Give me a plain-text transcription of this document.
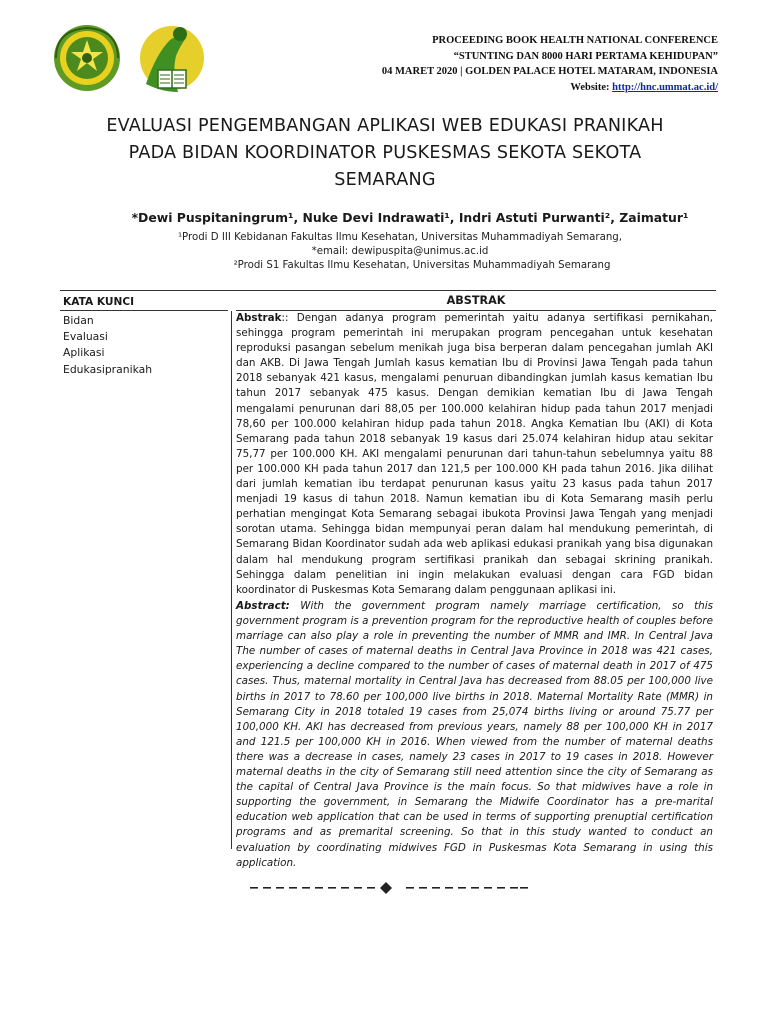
PROCEEDING BOOK HEALTH NATIONAL CONFERENCE
“STUNTING DAN 8000 HARI PERTAMA KEHIDUPAN”
04 MARET 2020 | GOLDEN PALACE HOTEL MATARAM, INDONESIA
Website: http://hnc.ummat.ac.id/
EVALUASI PENGEMBANGAN APLIKASI WEB EDUKASI PRANIKAH
PADA BIDAN KOORDINATOR PUSKESMAS SEKOTA SEKOTA
SEMARANG
*Dewi Puspitaningrum¹, Nuke Devi Indrawati¹, Indri Astuti Purwanti², Zaimatur¹
¹Prodi D III Kebidanan Fakultas Ilmu Kesehatan, Universitas Muhammadiyah Semarang,
*email: dewipuspita@unimus.ac.id
²Prodi S1 Fakultas Ilmu Kesehatan, Universitas Muhammadiyah Semarang
KATA KUNCI
Bidan
Evaluasi
Aplikasi
Edukasipranikah
ABSTRAK
Abstrak:: Dengan adanya program pemerintah yaitu adanya sertifikasi pernikahan, sehingga program pemerintah ini merupakan program pencegahan untuk kesehatan reproduksi pasangan sebelum menikah juga bisa berperan dalam pencegahan jumlah AKI dan AKB. Di Jawa Tengah Jumlah kasus kematian Ibu di Provinsi Jawa Tengah pada tahun 2018 sebanyak 421 kasus, mengalami penuruan dibandingkan jumlah kasus kematian Ibu tahun 2017 sebanyak 475 kasus. Dengan demikian kematian Ibu di Jawa Tengah mengalami penurunan dari 88,05 per 100.000 kelahiran hidup pada tahun 2017 menjadi 78,60 per 100.000 kelahiran hidup pada tahun 2018. Angka Kematian Ibu (AKI) di Kota Semarang pada tahun 2018 sebanyak 19 kasus dari 25.074 kelahiran hidup atau sekitar 75,77 per 100.000 KH. AKI mengalami penurunan dari tahun-tahun sebelumnya yaitu 88 per 100.000 KH pada tahun 2017 dan 121,5 per 100.000 KH pada tahun 2016. Jika dilihat dari jumlah kematian ibu terdapat penurunan kasus yaitu 23 kasus pada tahun 2017 menjadi 19 kasus di tahun 2018. Namun kematian ibu di Kota Semarang masih perlu perhatian mengingat Kota Semarang sebagai ibukota Provinsi Jawa Tengah yang menjadi sorotan utama. Sehingga bidan mempunyai peran dalam hal mendukung pemerintah, di Semarang Bidan Koordinator sudah ada web aplikasi edukasi pranikah yang bisa digunakan dalam hal mendukung program sertifikasi pranikah dan sebagai skrining pranikah. Sehingga dalam penelitian ini ingin melakukan evaluasi dengan cara FGD bidan koordinator di Puskesmas Kota Semarang dalam penggunaan aplikasi ini.
Abstract: With the government program namely marriage certification, so this government program is a prevention program for the reproductive health of couples before marriage can also play a role in preventing the number of MMR and IMR. In Central Java The number of cases of maternal deaths in Central Java Province in 2018 was 421 cases, experiencing a decline compared to the number of cases of maternal death in 2017 of 475 cases. Thus, maternal mortality in Central Java has decreased from 88.05 per 100,000 live births in 2017 to 78.60 per 100,000 live births in 2018. Maternal Mortality Rate (MMR) in Semarang City in 2018 totaled 19 cases from 25,074 births living or around 75.77 per 100,000 KH. AKI has decreased from previous years, namely 88 per 100,000 KH in 2017 and 121.5 per 100,000 KH in 2016. When viewed from the number of maternal deaths there was a decrease in cases, namely 23 cases in 2017 to 19 cases in 2018. However maternal deaths in the city of Semarang still need attention since the city of Semarang as the capital of Central Java Province is the main focus. So that midwives have a role in supporting the government, in Semarang the Midwife Coordinator has a pre-marital education web application that can be used in terms of supporting prenuptial certification programs and as premarital screening. So that in this study wanted to conduct an evaluation by coordinating midwives FGD in Puskesmas Kota Semarang in using this application.
